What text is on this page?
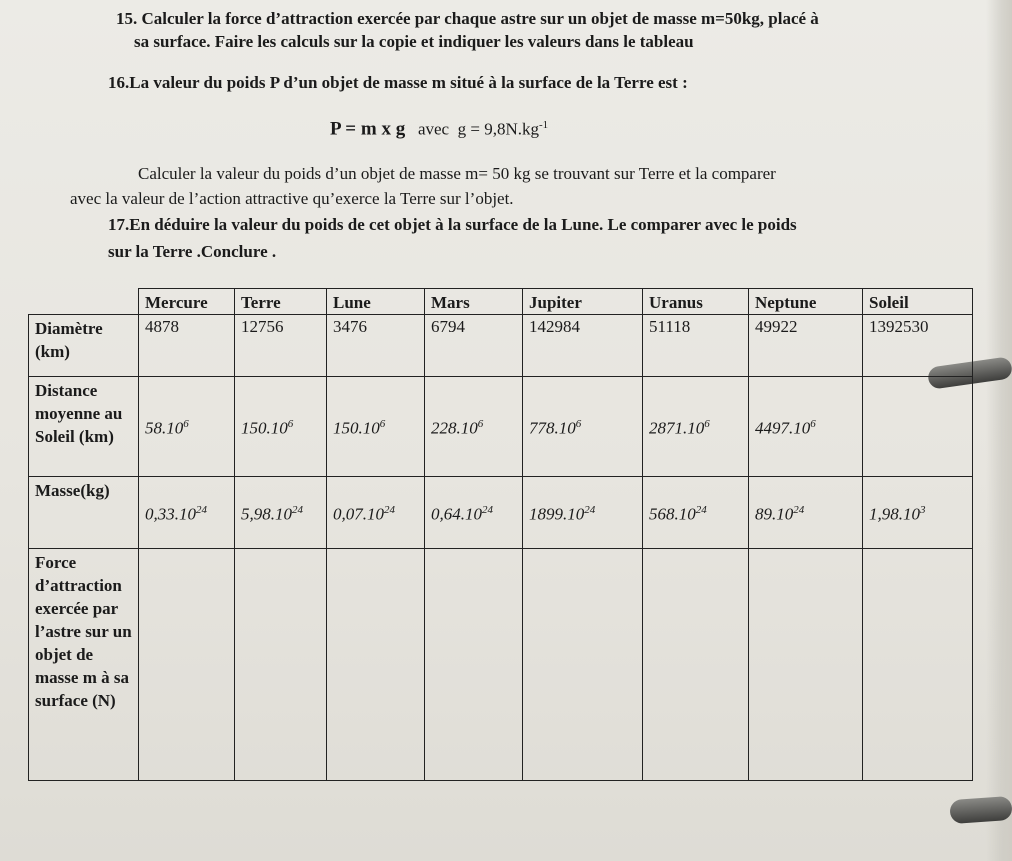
15. Calculer la force d’attraction exercée par chaque astre sur un objet de masse m=50kg, placé à
sa surface. Faire les calculs sur la copie et indiquer les valeurs dans le tableau
16.La valeur du poids P d’un objet de masse m situé à la surface de la Terre est :
P = m x g avec $g = 9,8N.kg^{-1}$
Calculer la valeur du poids d’un objet de masse m= 50 kg se trouvant sur Terre et la comparer
avec la valeur de l’action attractive qu’exerce la Terre sur l’objet.
17.En déduire la valeur du poids de cet objet à la surface de la Lune. Le comparer avec le poids
sur la Terre .Conclure .
	Mercure	Terre	Lune	Mars	Jupiter	Uranus	Neptune	Soleil
Diamètre (km)	4878	12756	3476	6794	142984	51118	49922	1392530
Distance moyenne au Soleil (km)	58.10$^6$	150.10$^6$	150.10$^6$	228.10$^6$	778.10$^6$	2871.10$^6$	4497.10$^6$	
Masse(kg)	0,33.10$^{24}$	5,98.10$^{24}$	0,07.10$^{24}$	0,64.10$^{24}$	1899.10$^{24}$	568.10$^{24}$	89.10$^{24}$	1,98.10$^3$
Force d’attraction exercée par l’astre sur un objet de masse m à sa surface (N)								
